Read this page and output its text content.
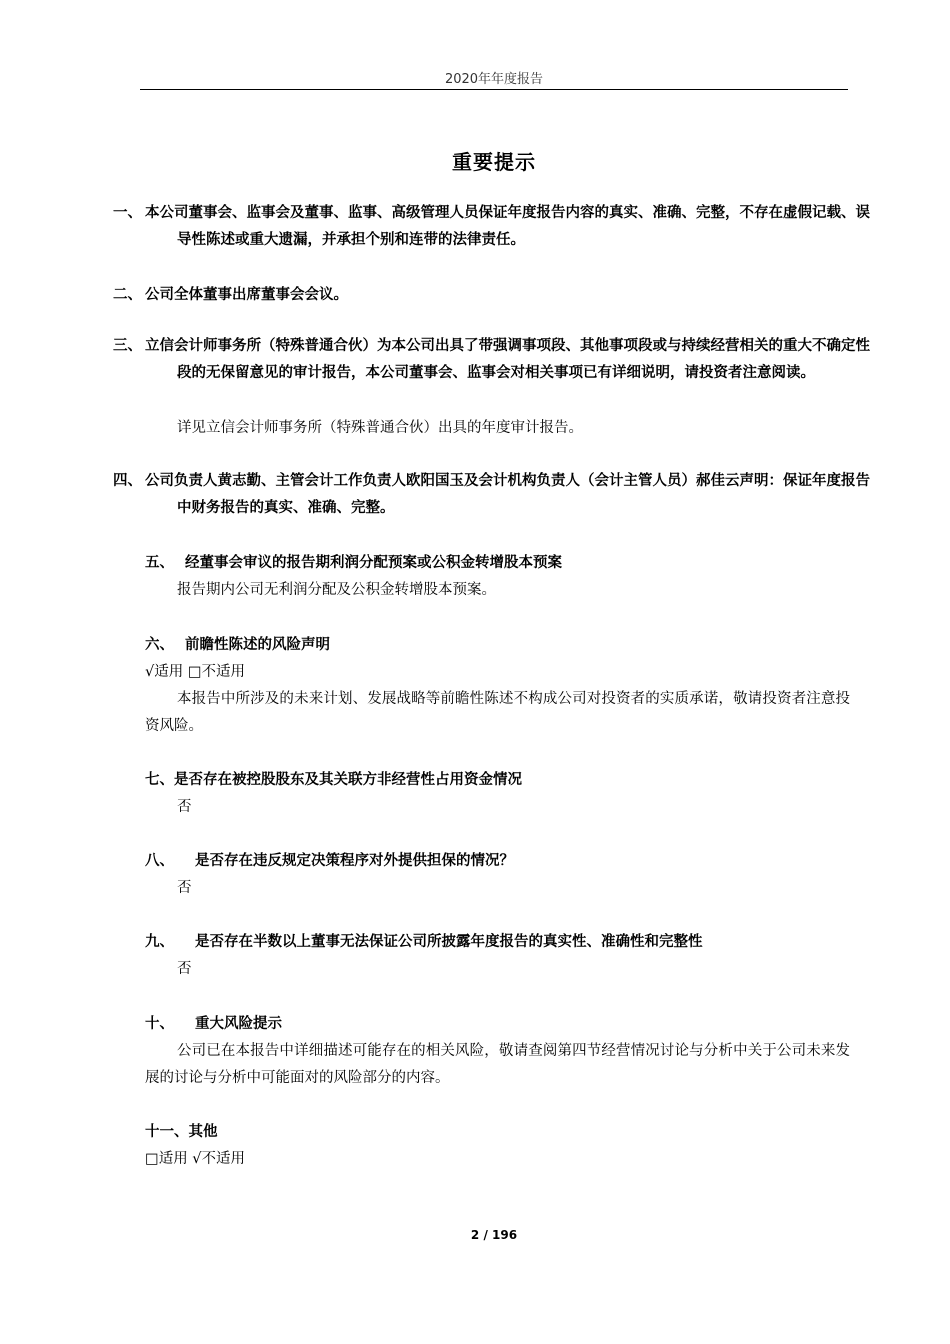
2020年年度报告
重要提示
一、 本公司董事会、监事会及董事、监事、高级管理人员保证年度报告内容的真实、准确、完整，不存在虚假记载、误导性陈述或重大遗漏，并承担个别和连带的法律责任。
二、 公司全体董事出席董事会会议。
三、 立信会计师事务所（特殊普通合伙）为本公司出具了带强调事项段、其他事项段或与持续经营相关的重大不确定性段的无保留意见的审计报告，本公司董事会、监事会对相关事项已有详细说明，请投资者注意阅读。
详见立信会计师事务所（特殊普通合伙）出具的年度审计报告。
四、 公司负责人黄志勤、主管会计工作负责人欧阳国玉及会计机构负责人（会计主管人员）郝佳云声明：保证年度报告中财务报告的真实、准确、完整。
五、 经董事会审议的报告期利润分配预案或公积金转增股本预案
报告期内公司无利润分配及公积金转增股本预案。
六、 前瞻性陈述的风险声明
√适用 □不适用
本报告中所涉及的未来计划、发展战略等前瞻性陈述不构成公司对投资者的实质承诺，敬请投资者注意投资风险。
七、是否存在被控股股东及其关联方非经营性占用资金情况
否
八、 是否存在违反规定决策程序对外提供担保的情况？
否
九、 是否存在半数以上董事无法保证公司所披露年度报告的真实性、准确性和完整性
否
十、 重大风险提示
公司已在本报告中详细描述可能存在的相关风险，敬请查阅第四节经营情况讨论与分析中关于公司未来发展的讨论与分析中可能面对的风险部分的内容。
十一、其他
□适用 √不适用
2 / 196
